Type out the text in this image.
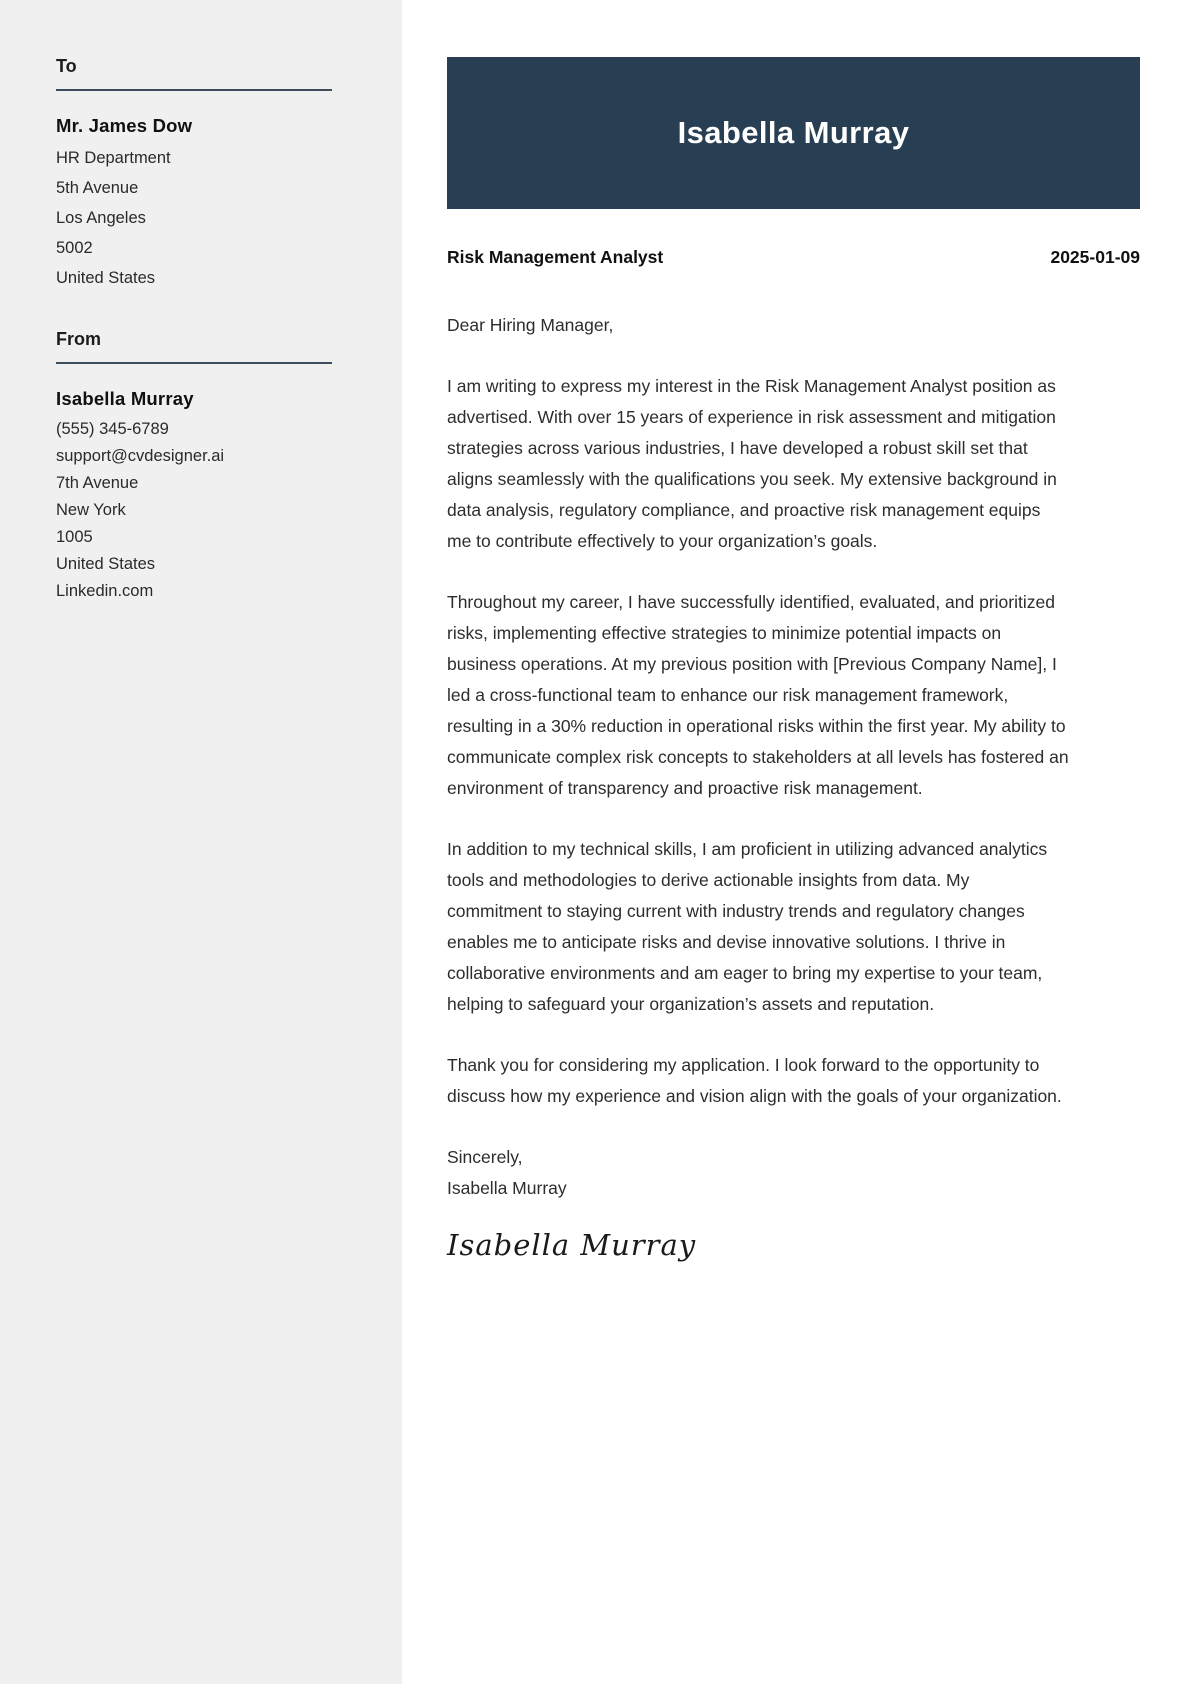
To
Mr. James Dow
HR Department
5th Avenue
Los Angeles
5002
United States
From
Isabella Murray
(555) 345-6789
support@cvdesigner.ai
7th Avenue
New York
1005
United States
Linkedin.com
Isabella Murray
Risk Management Analyst	2025-01-09

Dear Hiring Manager,

I am writing to express my interest in the Risk Management Analyst position as advertised. With over 15 years of experience in risk assessment and mitigation strategies across various industries, I have developed a robust skill set that aligns seamlessly with the qualifications you seek. My extensive background in data analysis, regulatory compliance, and proactive risk management equips me to contribute effectively to your organization’s goals.

Throughout my career, I have successfully identified, evaluated, and prioritized risks, implementing effective strategies to minimize potential impacts on business operations. At my previous position with [Previous Company Name], I led a cross-functional team to enhance our risk management framework, resulting in a 30% reduction in operational risks within the first year. My ability to communicate complex risk concepts to stakeholders at all levels has fostered an environment of transparency and proactive risk management.

In addition to my technical skills, I am proficient in utilizing advanced analytics tools and methodologies to derive actionable insights from data. My commitment to staying current with industry trends and regulatory changes enables me to anticipate risks and devise innovative solutions. I thrive in collaborative environments and am eager to bring my expertise to your team, helping to safeguard your organization’s assets and reputation.

Thank you for considering my application. I look forward to the opportunity to discuss how my experience and vision align with the goals of your organization.

Sincerely,
Isabella Murray
Isabella Murray
